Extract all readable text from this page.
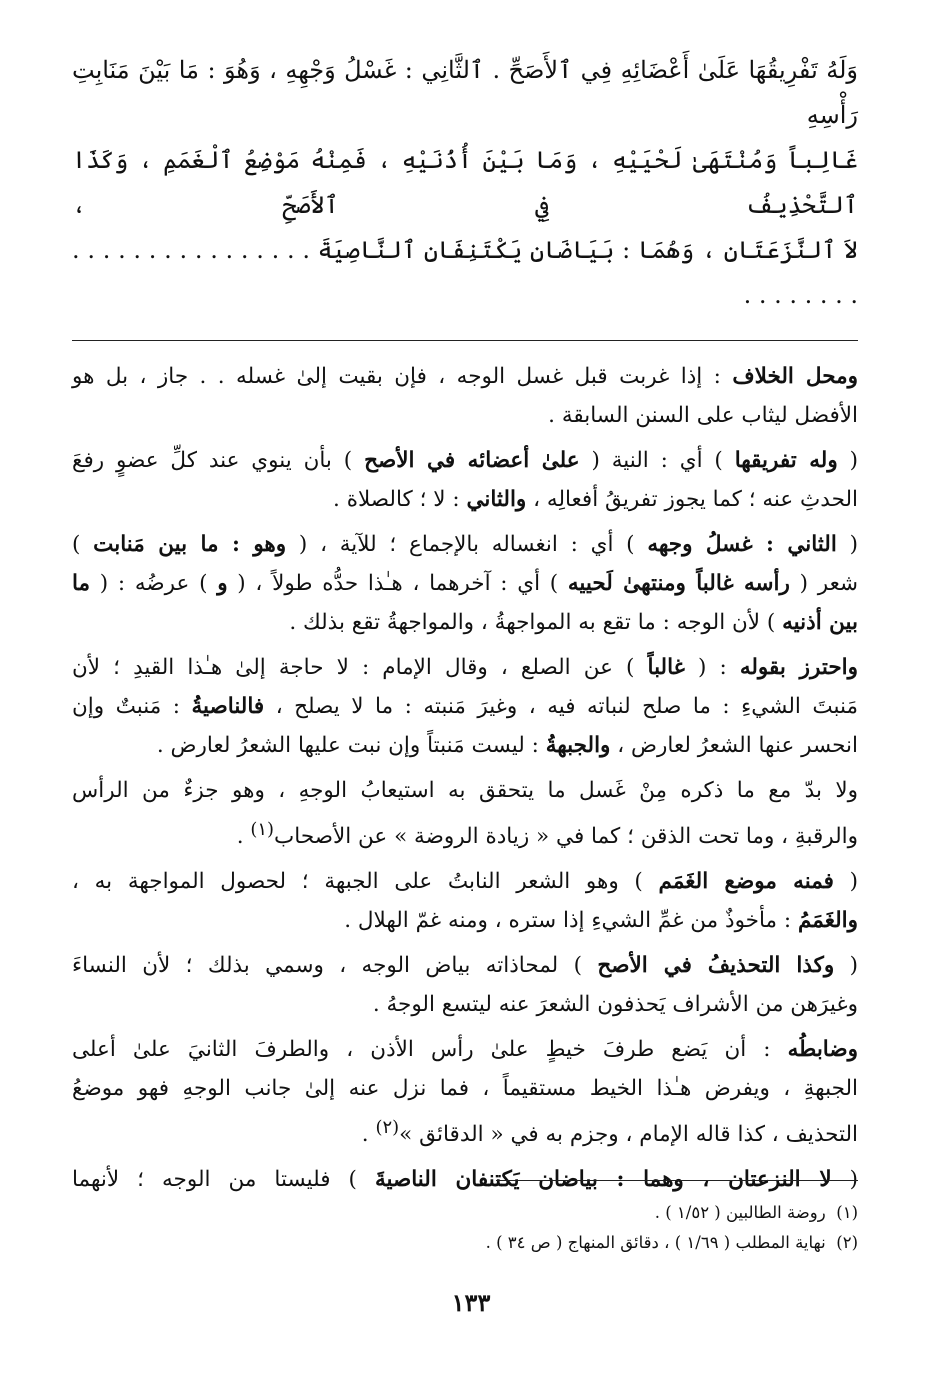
وَلَهُ تَفْرِيقُهَا عَلَىٰ أَعْضَائِهِ فِي ٱلأَصَحِّ . ٱلثَّانِي : غَسْلُ وَجْهِهِ ، وَهُوَ : مَا بَيْنَ مَنَابِتِ رَأْسِهِ
غَالِباً وَمُنْتَهَىٰ لَحْيَيْهِ ، وَمَا بَيْنَ أُذُنَيْهِ ، فَمِنْهُ مَوْضِعُ ٱلْغَمَمِ ، وَكَذَا ٱلتَّحْذِيفُ فِي ٱلأَصَحِّ ،
لاَ ٱلنَّزَعَتَانِ ، وَهُمَا : بَيَاضَانِ يَكْتَنِفَانِ ٱلنَّاصِيَةَ . . . . . . . . . . . . . . . . . . . . . . . .

ومحل الخلاف : إذا غربت قبل غسل الوجه ، فإن بقيت إلىٰ غسله . . جاز ، بل هو
الأفضل ليثاب على السنن السابقة .

( وله تفريقها ) أي : النية ( علىٰ أعضائه في الأصح ) بأن ينوي عند كلِّ عضوٍ رفعَ
الحدثِ عنه ؛ كما يجوز تفريقُ أفعالِه ، والثاني : لا ؛ كالصلاة .

( الثاني : غسلُ وجهه ) أي : انغساله بالإجماع ؛ للآية ، ( وهو : ما بين مَنابت )
شعر ( رأسه غالباً ومنتهىٰ لَحييه ) أي : آخرهما ، هـٰذا حدُّه طولاً ، ( و ) عرضُه : ( ما
بين أذنيه ) لأن الوجه : ما تقع به المواجهةُ ، والمواجهةُ تقع بذلك .

واحترز بقوله : ( غالباً ) عن الصلع ، وقال الإمام : لا حاجة إلىٰ هـٰذا القيدِ ؛ لأن
مَنبتَ الشيءِ : ما صلح لنباته فيه ، وغيرَ مَنبته : ما لا يصلح ، فالناصيةُ : مَنبتٌ وإن
انحسر عنها الشعرُ لعارض ، والجبهةُ : ليست مَنبتاً وإن نبت عليها الشعرُ لعارض .

ولا بدّ مع ما ذكره مِنْ غَسل ما يتحقق به استيعابُ الوجهِ ، وهو جزءٌ من الرأس
والرقبةِ ، وما تحت الذقن ؛ كما في « زيادة الروضة » عن الأصحاب$^{(١)}$ .

( فمنه موضع الغَمَم ) وهو الشعر النابتُ على الجبهة ؛ لحصول المواجهة به ،
والغَمَمُ : مأخوذٌ من غمِّ الشيءِ إذا ستره ، ومنه غمّ الهلال .

( وكذا التحذيفُ في الأصح ) لمحاذاته بياض الوجه ، وسمي بذلك ؛ لأن النساءَ
وغيرَهن من الأشراف يَحذفون الشعرَ عنه ليتسع الوجهُ .

وضابطُه : أن يَضع طرفَ خيطٍ علىٰ رأس الأذن ، والطرفَ الثانيَ علىٰ أعلى
الجبهةِ ، ويفرض هـٰذا الخيط مستقيماً ، فما نزل عنه إلىٰ جانب الوجهِ فهو موضعُ
التحذيف ، كذا قاله الإمام ، وجزم به في « الدقائق »$^{(٢)}$ .

( لا النزعتان ، وهما : بياضان يَكتنفان الناصيةَ ) فليستا من الوجه ؛ لأنهما

(١)  روضة الطالبين ( ١/٥٢ ) .
(٢)  نهاية المطلب ( ١/٦٩ ) ، دقائق المنهاج ( ص ٣٤ ) .
١٣٣
